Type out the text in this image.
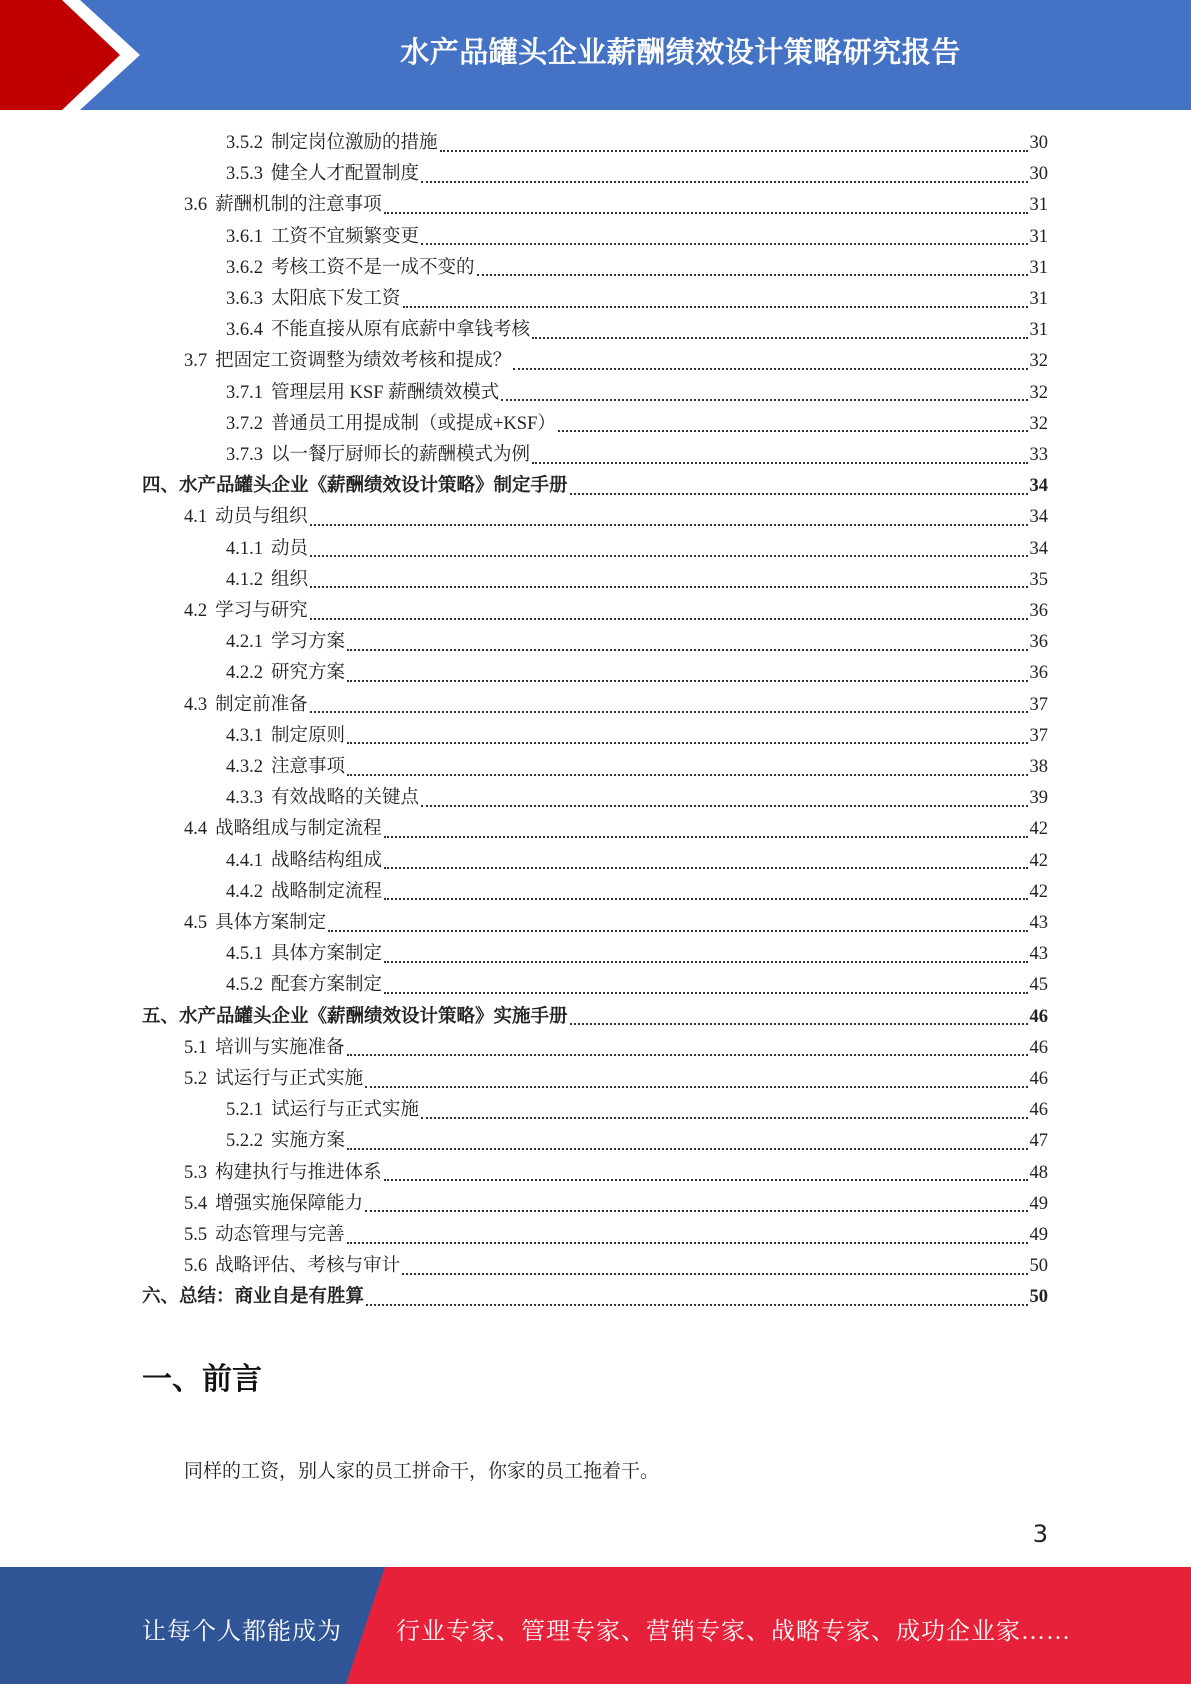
水产品罐头企业薪酬绩效设计策略研究报告
3.5.2 制定岗位激励的措施	30
3.5.3 健全人才配置制度	30
3.6 薪酬机制的注意事项	31
3.6.1 工资不宜频繁变更	31
3.6.2 考核工资不是一成不变的	31
3.6.3 太阳底下发工资	31
3.6.4 不能直接从原有底薪中拿钱考核	31
3.7 把固定工资调整为绩效考核和提成？	32
3.7.1 管理层用 KSF 薪酬绩效模式	32
3.7.2 普通员工用提成制（或提成+KSF）	32
3.7.3 以一餐厅厨师长的薪酬模式为例	33
四、 水产品罐头企业《薪酬绩效设计策略》制定手册	34
4.1 动员与组织	34
4.1.1 动员	34
4.1.2 组织	35
4.2 学习与研究	36
4.2.1 学习方案	36
4.2.2 研究方案	36
4.3 制定前准备	37
4.3.1 制定原则	37
4.3.2 注意事项	38
4.3.3 有效战略的关键点	39
4.4 战略组成与制定流程	42
4.4.1 战略结构组成	42
4.4.2 战略制定流程	42
4.5 具体方案制定	43
4.5.1 具体方案制定	43
4.5.2 配套方案制定	45
五、 水产品罐头企业《薪酬绩效设计策略》实施手册	46
5.1 培训与实施准备	46
5.2 试运行与正式实施	46
5.2.1 试运行与正式实施	46
5.2.2 实施方案	47
5.3 构建执行与推进体系	48
5.4 增强实施保障能力	49
5.5 动态管理与完善	49
5.6 战略评估、考核与审计	50
六、 总结：商业自是有胜算	50
一、前言
同样的工资，别人家的员工拼命干，你家的员工拖着干。
3
让每个人都能成为 行业专家、管理专家、营销专家、战略专家、成功企业家……
